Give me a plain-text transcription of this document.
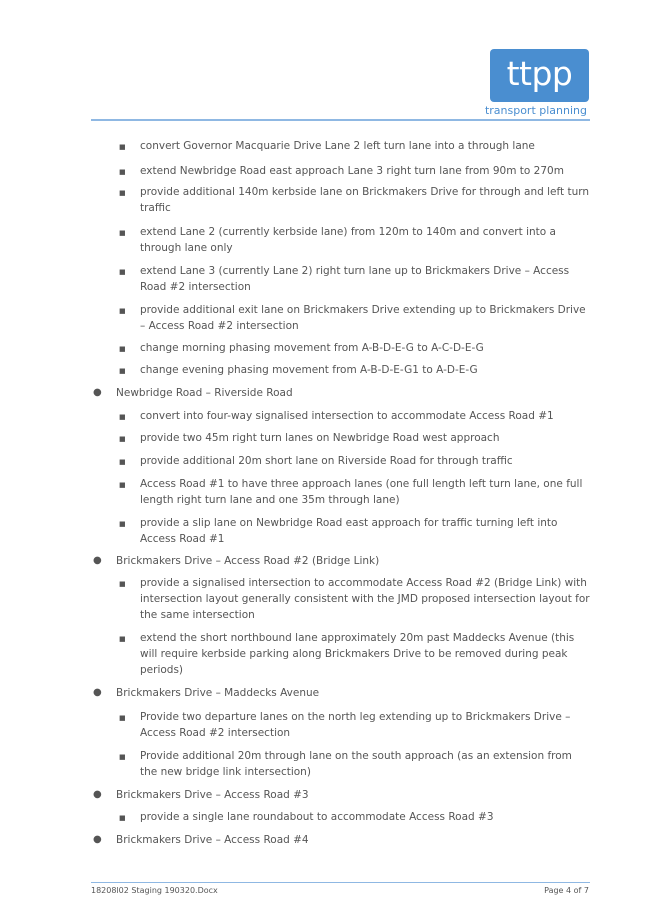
ttpp
transport planning
■ convert Governor Macquarie Drive Lane 2 left turn lane into a through lane
■ extend Newbridge Road east approach Lane 3 right turn lane from 90m to 270m
■ provide additional 140m kerbside lane on Brickmakers Drive for through and left turn traffic
■ extend Lane 2 (currently kerbside lane) from 120m to 140m and convert into a through lane only
■ extend Lane 3 (currently Lane 2) right turn lane up to Brickmakers Drive – Access Road #2 intersection
■ provide additional exit lane on Brickmakers Drive extending up to Brickmakers Drive – Access Road #2 intersection
■ change morning phasing movement from A-B-D-E-G to A-C-D-E-G
■ change evening phasing movement from A-B-D-E-G1 to A-D-E-G
● Newbridge Road – Riverside Road
■ convert into four-way signalised intersection to accommodate Access Road #1
■ provide two 45m right turn lanes on Newbridge Road west approach
■ provide additional 20m short lane on Riverside Road for through traffic
■ Access Road #1 to have three approach lanes (one full length left turn lane, one full length right turn lane and one 35m through lane)
■ provide a slip lane on Newbridge Road east approach for traffic turning left into Access Road #1
● Brickmakers Drive – Access Road #2 (Bridge Link)
■ provide a signalised intersection to accommodate Access Road #2 (Bridge Link) with intersection layout generally consistent with the JMD proposed intersection layout for the same intersection
■ extend the short northbound lane approximately 20m past Maddecks Avenue (this will require kerbside parking along Brickmakers Drive to be removed during peak periods)
● Brickmakers Drive – Maddecks Avenue
■ Provide two departure lanes on the north leg extending up to Brickmakers Drive – Access Road #2 intersection
■ Provide additional 20m through lane on the south approach (as an extension from the new bridge link intersection)
● Brickmakers Drive – Access Road #3
■ provide a single lane roundabout to accommodate Access Road #3
● Brickmakers Drive – Access Road #4
18208l02 Staging 190320.Docx	Page 4 of 7
